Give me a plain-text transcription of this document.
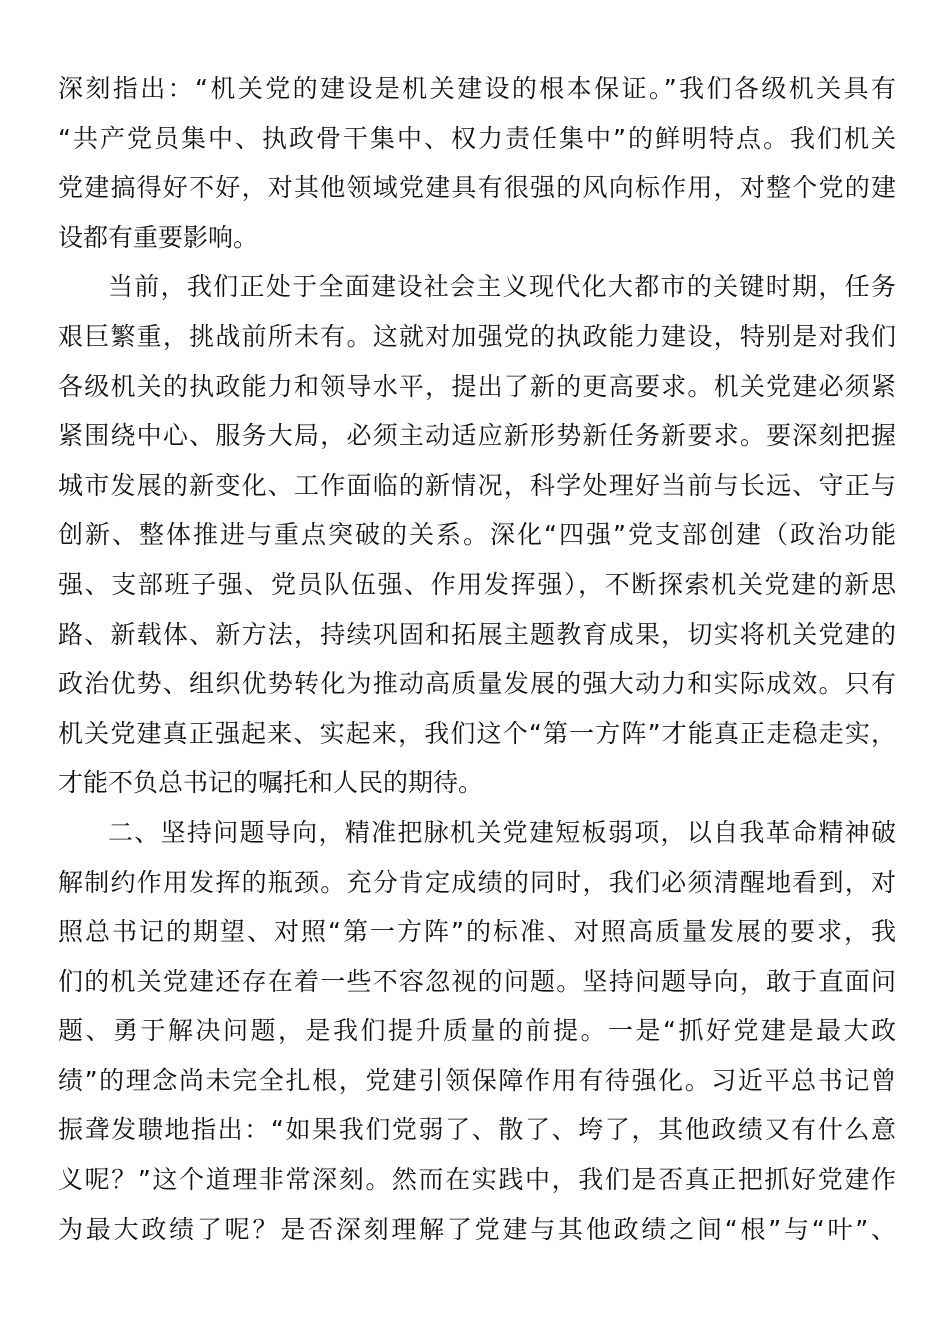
深刻指出：“机关党的建设是机关建设的根本保证。”我们各级机关具有
“共产党员集中、执政骨干集中、权力责任集中”的鲜明特点。我们机关
党建搞得好不好，对其他领域党建具有很强的风向标作用，对整个党的建
设都有重要影响。

当前，我们正处于全面建设社会主义现代化大都市的关键时期，任务
艰巨繁重，挑战前所未有。这就对加强党的执政能力建设，特别是对我们
各级机关的执政能力和领导水平，提出了新的更高要求。机关党建必须紧
紧围绕中心、服务大局，必须主动适应新形势新任务新要求。要深刻把握
城市发展的新变化、工作面临的新情况，科学处理好当前与长远、守正与
创新、整体推进与重点突破的关系。深化“四强”党支部创建（政治功能
强、支部班子强、党员队伍强、作用发挥强），不断探索机关党建的新思
路、新载体、新方法，持续巩固和拓展主题教育成果，切实将机关党建的
政治优势、组织优势转化为推动高质量发展的强大动力和实际成效。只有
机关党建真正强起来、实起来，我们这个“第一方阵”才能真正走稳走实，
才能不负总书记的嘱托和人民的期待。

二、坚持问题导向，精准把脉机关党建短板弱项，以自我革命精神破
解制约作用发挥的瓶颈。充分肯定成绩的同时，我们必须清醒地看到，对
照总书记的期望、对照“第一方阵”的标准、对照高质量发展的要求，我
们的机关党建还存在着一些不容忽视的问题。坚持问题导向，敢于直面问
题、勇于解决问题，是我们提升质量的前提。一是“抓好党建是最大政
绩”的理念尚未完全扎根，党建引领保障作用有待强化。习近平总书记曾
振聋发聩地指出：“如果我们党弱了、散了、垮了，其他政绩又有什么意
义呢？”这个道理非常深刻。然而在实践中，我们是否真正把抓好党建作
为最大政绩了呢？是否深刻理解了党建与其他政绩之间“根”与“叶”、
